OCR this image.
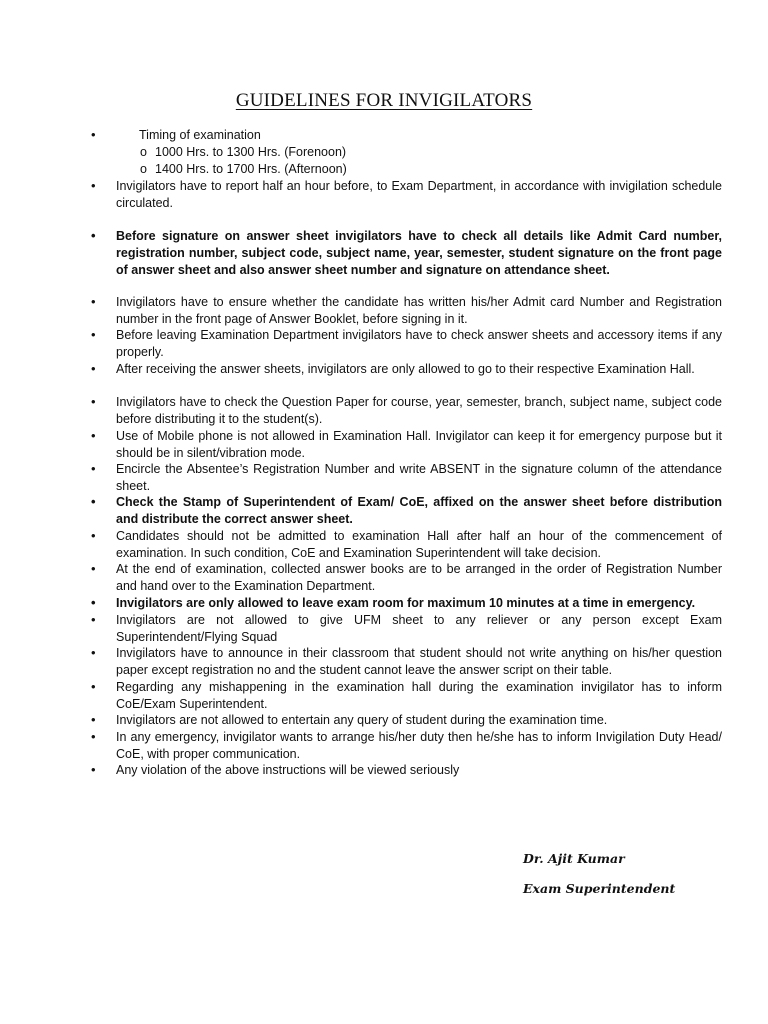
GUIDELINES FOR INVIGILATORS
•	Timing of examination
o 1000 Hrs. to 1300 Hrs. (Forenoon)
o 1400 Hrs. to 1700 Hrs. (Afternoon)
• Invigilators have to report half an hour before, to Exam Department, in accordance with invigilation schedule circulated.
• Before signature on answer sheet invigilators have to check all details like Admit Card number, registration number, subject code, subject name, year, semester, student signature on the front page of answer sheet and also answer sheet number and signature on attendance sheet.
• Invigilators have to ensure whether the candidate has written his/her Admit card Number and Registration number in the front page of Answer Booklet, before signing in it.
• Before leaving Examination Department invigilators have to check answer sheets and accessory items if any properly.
• After receiving the answer sheets, invigilators are only allowed to go to their respective Examination Hall.
• Invigilators have to check the Question Paper for course, year, semester, branch, subject name, subject code before distributing it to the student(s).
• Use of Mobile phone is not allowed in Examination Hall. Invigilator can keep it for emergency purpose but it should be in silent/vibration mode.
• Encircle the Absentee’s Registration Number and write ABSENT in the signature column of the attendance sheet.
• Check the Stamp of Superintendent of Exam/ CoE, affixed on the answer sheet before distribution and distribute the correct answer sheet.
• Candidates should not be admitted to examination Hall after half an hour of the commencement of examination. In such condition, CoE and Examination Superintendent will take decision.
• At the end of examination, collected answer books are to be arranged in the order of Registration Number and hand over to the Examination Department.
• Invigilators are only allowed to leave exam room for maximum 10 minutes at a time in emergency.
• Invigilators are not allowed to give UFM sheet to any reliever or any person except Exam Superintendent/Flying Squad
• Invigilators have to announce in their classroom that student should not write anything on his/her question paper except registration no and the student cannot leave the answer script on their table.
• Regarding any mishappening in the examination hall during the examination invigilator has to inform CoE/Exam Superintendent.
• Invigilators are not allowed to entertain any query of student during the examination time.
• In any emergency, invigilator wants to arrange his/her duty then he/she has to inform Invigilation Duty Head/ CoE, with proper communication.
• Any violation of the above instructions will be viewed seriously
Dr. Ajit Kumar
Exam Superintendent
